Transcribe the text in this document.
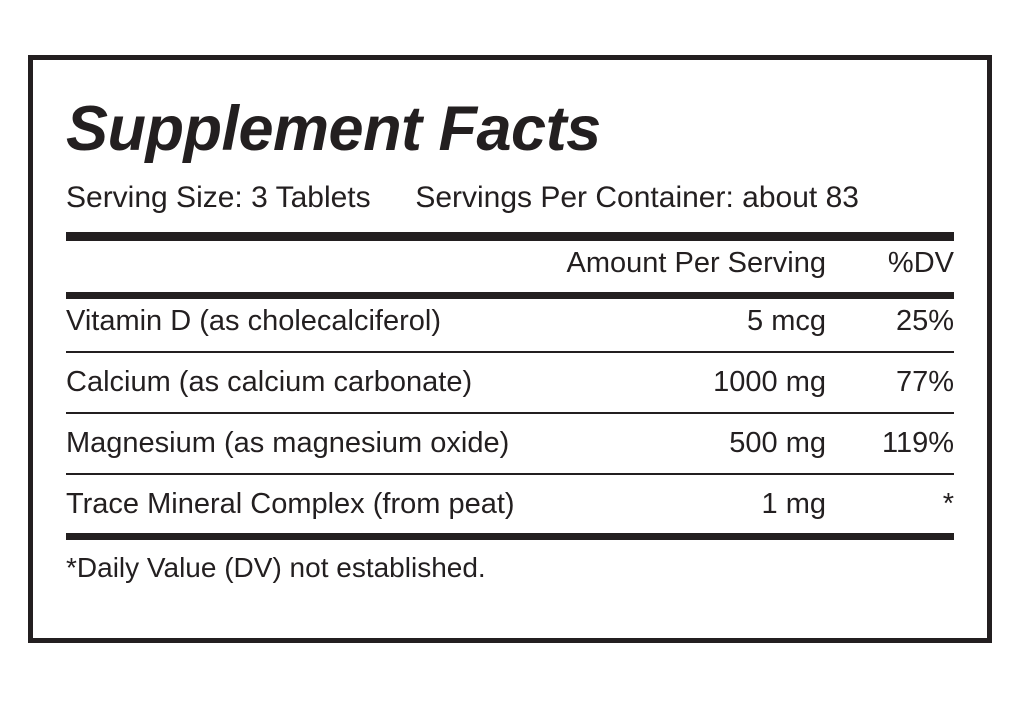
Supplement Facts
Serving Size: 3 Tablets Servings Per Container: about 83
	Amount Per Serving	%DV
Vitamin D (as cholecalciferol)	5 mcg	25%

Calcium (as calcium carbonate)	1000 mg	77%

Magnesium (as magnesium oxide)	500 mg	119%

Trace Mineral Complex (from peat)	1 mg	*
*Daily Value (DV) not established.
